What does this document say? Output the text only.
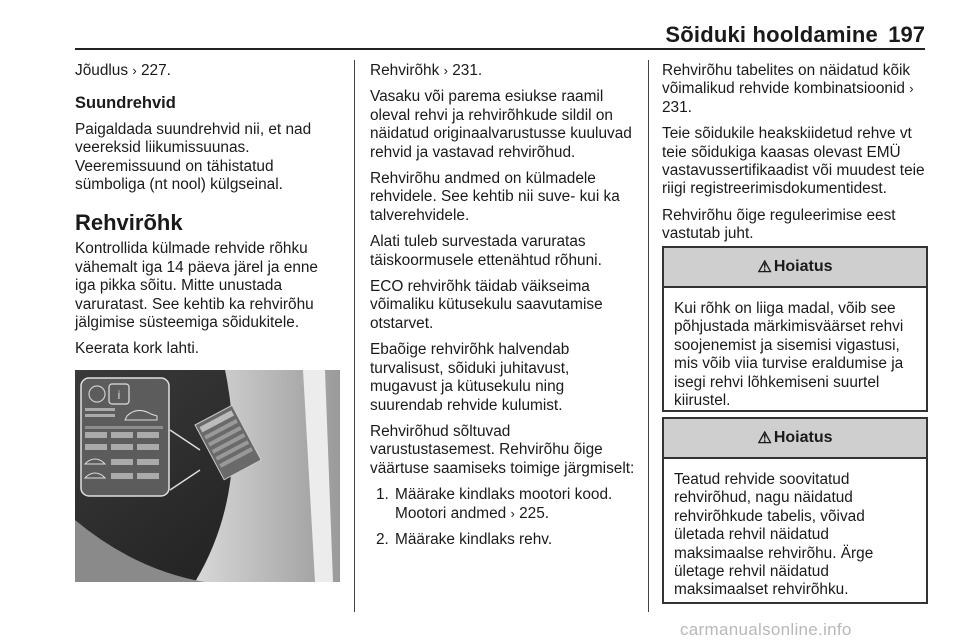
Sõiduki hooldamine 197

Jõudlus › 227.

Suundrehvid

Paigaldada suundrehvid nii, et nad veereksid liikumissuunas. Veeremissuund on tähistatud sümboliga (nt nool) külgseinal.

Rehvirõhk

Kontrollida külmade rehvide rõhku vähemalt iga 14 päeva järel ja enne iga pikka sõitu. Mitte unustada varuratast. See kehtib ka rehvirõhu jälgimise süsteemiga sõidukitele.

Keerata kork lahti.

i

Rehvirõhk › 231.

Vasaku või parema esiukse raamil oleval rehvi ja rehvirõhkude sildil on näidatud originaalvarustusse kuuluvad rehvid ja vastavad rehvirõhud.

Rehvirõhu andmed on külmadele rehvidele. See kehtib nii suve- kui ka talverehvidele.

Alati tuleb survestada varuratas täiskoormusele ettenähtud rõhuni.

ECO rehvirõhk täidab väikseima võimaliku kütusekulu saavutamise otstarvet.

Ebaõige rehvirõhk halvendab turvalisust, sõiduki juhitavust, mugavust ja kütusekulu ning suurendab rehvide kulumist.

Rehvirõhud sõltuvad varustustasemest. Rehvirõhu õige väärtuse saamiseks toimige järgmiselt:

1. Määrake kindlaks mootori kood. Mootori andmed › 225.
2. Määrake kindlaks rehv.

Rehvirõhu tabelites on näidatud kõik võimalikud rehvide kombinatsioonid › 231.

Teie sõidukile heakskiidetud rehve vt teie sõidukiga kaasas olevast EMÜ vastavussertifikaadist või muudest teie riigi registreerimisdokumentidest.

Rehvirõhu õige reguleerimise eest vastutab juht.

⚠ Hoiatus
Kui rõhk on liiga madal, võib see põhjustada märkimisväärset rehvi soojenemist ja sisemisi vigastusi, mis võib viia turvise eraldumise ja isegi rehvi lõhkemiseni suurtel kiirustel.
⚠ Hoiatus
Teatud rehvide soovitatud rehvirõhud, nagu näidatud rehvirõhkude tabelis, võivad ületada rehvil näidatud maksimaalse rehvirõhu. Ärge ületage rehvil näidatud maksimaalset rehvirõhku.
carmanualsonline.info
